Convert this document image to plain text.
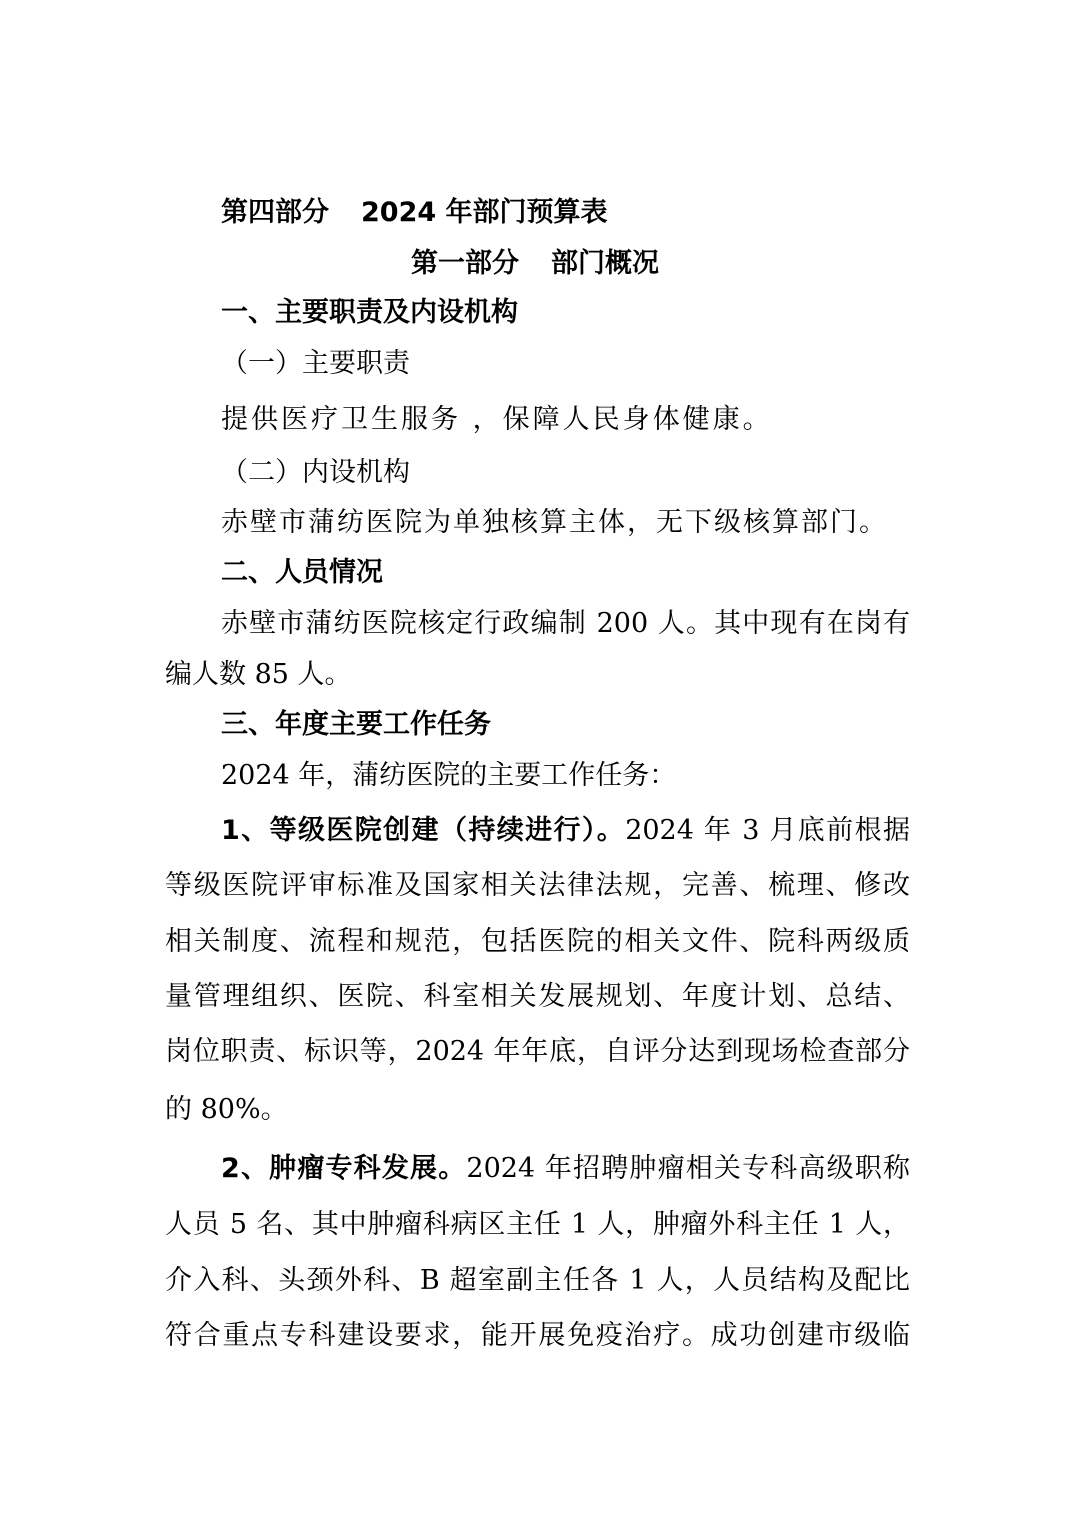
第四部分 2024 年部门预算表
第一部分 部门概况
一、主要职责及内设机构
（一）主要职责
提供医疗卫生服务 ，保障人民身体健康。
（二）内设机构
赤壁市蒲纺医院为单独核算主体，无下级核算部门。
二、人员情况
赤壁市蒲纺医院核定行政编制 200 人。其中现有在岗有
编人数 85 人。
三、年度主要工作任务
2024 年，蒲纺医院的主要工作任务：
1、等级医院创建（持续进行）。2024 年 3 月底前根据
等级医院评审标准及国家相关法律法规，完善、梳理、修改
相关制度、流程和规范，包括医院的相关文件、院科两级质
量管理组织、医院、科室相关发展规划、年度计划、总结、
岗位职责、标识等，2024 年年底，自评分达到现场检查部分
的 80%。
2、肿瘤专科发展。2024 年招聘肿瘤相关专科高级职称
人员 5 名、其中肿瘤科病区主任 1 人，肿瘤外科主任 1 人，
介入科、头颈外科、B 超室副主任各 1 人，人员结构及配比
符合重点专科建设要求，能开展免疫治疗。成功创建市级临
